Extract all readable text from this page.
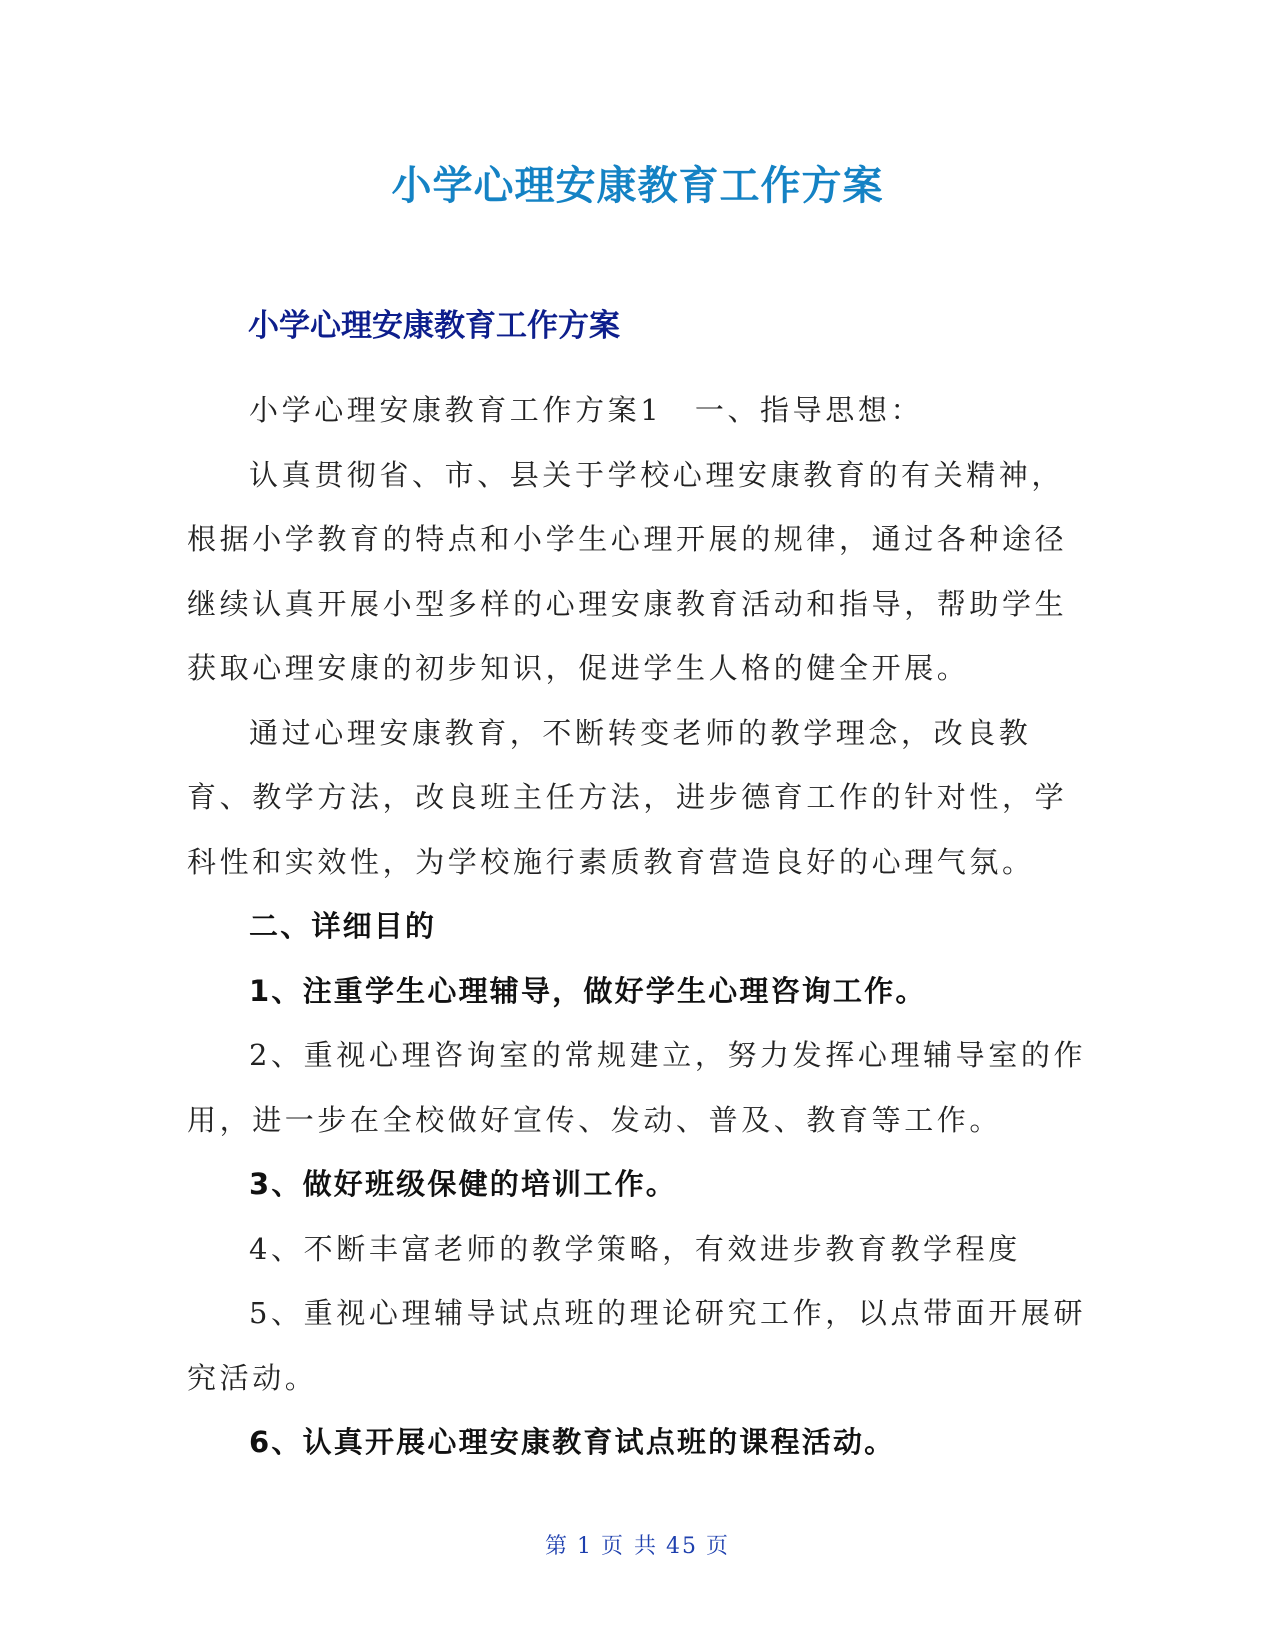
小学心理安康教育工作方案
小学心理安康教育工作方案

小学心理安康教育工作方案1　一、指导思想：

认真贯彻省、市、县关于学校心理安康教育的有关精神，根据小学教育的特点和小学生心理开展的规律，通过各种途径继续认真开展小型多样的心理安康教育活动和指导，帮助学生获取心理安康的初步知识，促进学生人格的健全开展。

通过心理安康教育，不断转变老师的教学理念，改良教育、教学方法，改良班主任方法，进步德育工作的针对性，学科性和实效性，为学校施行素质教育营造良好的心理气氛。

二、详细目的

1、注重学生心理辅导，做好学生心理咨询工作。

2、重视心理咨询室的常规建立，努力发挥心理辅导室的作用，进一步在全校做好宣传、发动、普及、教育等工作。

3、做好班级保健的培训工作。

4、不断丰富老师的教学策略，有效进步教育教学程度

5、重视心理辅导试点班的理论研究工作，以点带面开展研究活动。

6、认真开展心理安康教育试点班的课程活动。

第 1 页 共 45 页
